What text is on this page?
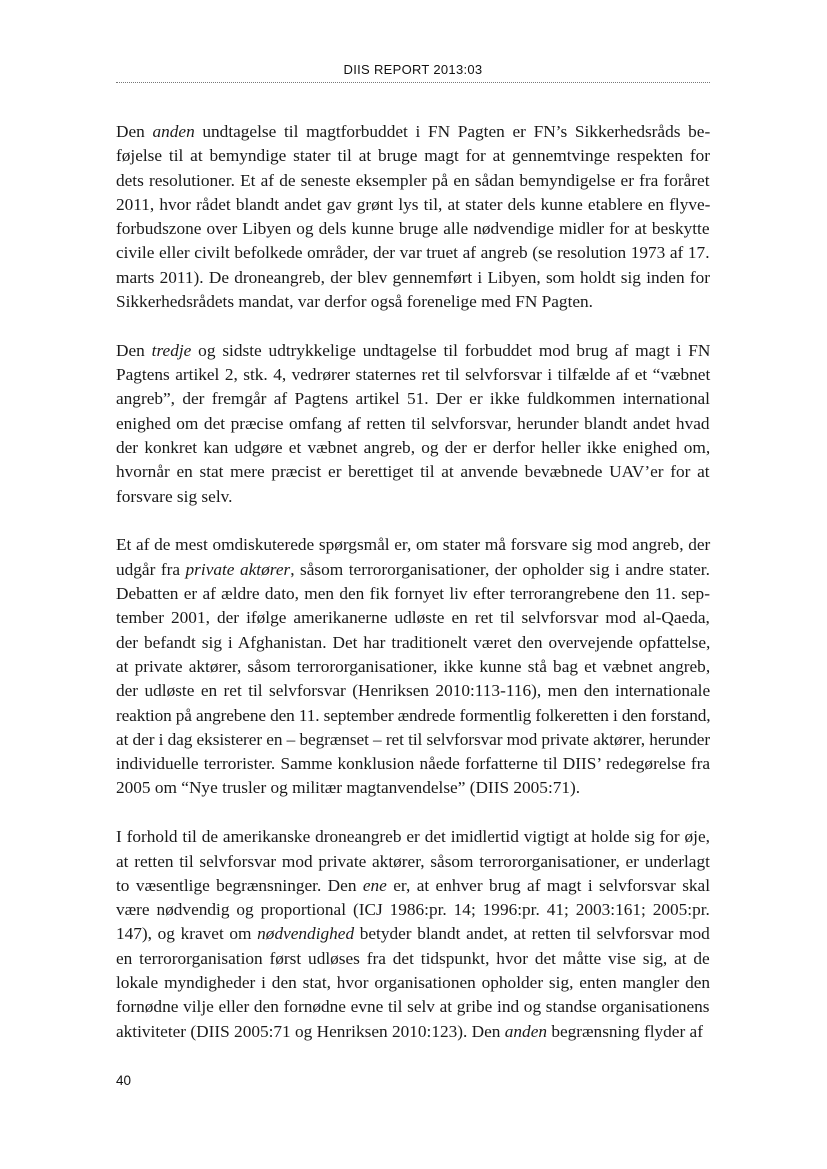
DIIS REPORT 2013:03

Den anden undtagelse til magtforbuddet i FN Pagten er FN’s Sikkerhedsråds be-
føjelse til at bemyndige stater til at bruge magt for at gennemtvinge respekten for
dets resolutioner. Et af de seneste eksempler på en sådan bemyndigelse er fra foråret
2011, hvor rådet blandt andet gav grønt lys til, at stater dels kunne etablere en flyve-
forbudszone over Libyen og dels kunne bruge alle nødvendige midler for at beskytte
civile eller civilt befolkede områder, der var truet af angreb (se resolution 1973 af 17.
marts 2011). De droneangreb, der blev gennemført i Libyen, som holdt sig inden for
Sikkerhedsrådets mandat, var derfor også forenelige med FN Pagten.

Den tredje og sidste udtrykkelige undtagelse til forbuddet mod brug af magt i FN
Pagtens artikel 2, stk. 4, vedrører staternes ret til selvforsvar i tilfælde af et “væbnet
angreb”, der fremgår af Pagtens artikel 51. Der er ikke fuldkommen international
enighed om det præcise omfang af retten til selvforsvar, herunder blandt andet hvad
der konkret kan udgøre et væbnet angreb, og der er derfor heller ikke enighed om,
hvornår en stat mere præcist er berettiget til at anvende bevæbnede UAV’er for at
forsvare sig selv.

Et af de mest omdiskuterede spørgsmål er, om stater må forsvare sig mod angreb, der
udgår fra private aktører, såsom terrororganisationer, der opholder sig i andre stater.
Debatten er af ældre dato, men den fik fornyet liv efter terrorangrebene den 11. sep-
tember 2001, der ifølge amerikanerne udløste en ret til selvforsvar mod al-Qaeda,
der befandt sig i Afghanistan. Det har traditionelt været den overvejende opfattelse,
at private aktører, såsom terrororganisationer, ikke kunne stå bag et væbnet angreb,
der udløste en ret til selvforsvar (Henriksen 2010:113-116), men den internationale
reaktion på angrebene den 11. september ændrede formentlig folkeretten i den forstand,
at der i dag eksisterer en – begrænset – ret til selvforsvar mod private aktører, herunder
individuelle terrorister. Samme konklusion nåede forfatterne til DIIS’ redegørelse fra
2005 om “Nye trusler og militær magtanvendelse” (DIIS 2005:71).

I forhold til de amerikanske droneangreb er det imidlertid vigtigt at holde sig for øje,
at retten til selvforsvar mod private aktører, såsom terrororganisationer, er underlagt
to væsentlige begrænsninger. Den ene er, at enhver brug af magt i selvforsvar skal
være nødvendig og proportional (ICJ 1986:pr. 14; 1996:pr. 41; 2003:161; 2005:pr.
147), og kravet om nødvendighed betyder blandt andet, at retten til selvforsvar mod
en terrororganisation først udløses fra det tidspunkt, hvor det måtte vise sig, at de
lokale myndigheder i den stat, hvor organisationen opholder sig, enten mangler den
fornødne vilje eller den fornødne evne til selv at gribe ind og standse organisationens
aktiviteter (DIIS 2005:71 og Henriksen 2010:123). Den anden begrænsning flyder af

40
